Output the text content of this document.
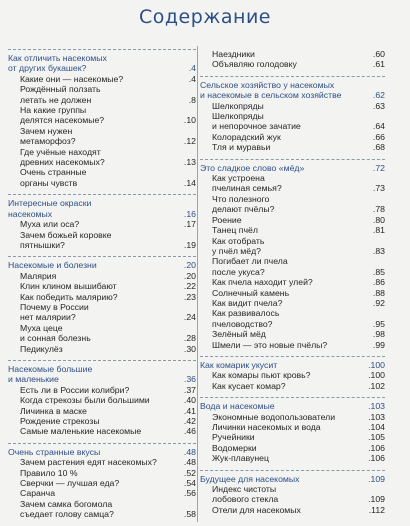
Содержание
Как отличить насекомых
от других букашек?	.4
Какие они — насекомые?	.4
Рождённый ползать
летать не должен	.8
На какие группы
делятся насекомые?	.10
Зачем нужен
метаморфоз?	.12
Где учёные находят
древних насекомых?	.13
Очень странные
органы чувств	.14
Интересные окраски
насекомых	.16
Муха или оса?	.17
Зачем божьей коровке
пятнышки?	.19
Насекомые и болезни	.20
Малярия	.20
Клин клином вышибают	.22
Как победить малярию?	.23
Почему в России
нет малярии?	.24
Муха цеце
и сонная болезнь	.28
Педикулёз	.30
Насекомые большие
и маленькие	.36
Есть ли в России колибри?	.37
Когда стрекозы были большими	.40
Личинка в маске	.41
Рождение стрекозы	.42
Самые маленькие насекомые	.46
Очень странные вкусы	.48
Зачем растения едят насекомых?	.48
Правило 10 %	.52
Сверчки — лучшая еда?	.54
Саранча	.56
Зачем самка богомола
съедает голову самца?	.58
Наездники	.60
Объявляю голодовку	.61
Сельское хозяйство у насекомых
и насекомые в сельском хозяйстве	.62
Шелкопряды	.63
Шелкопряды
и непорочное зачатие	.64
Колорадский жук	.66
Тля и муравьи	.68
Это сладкое слово «мёд»	.72
Как устроена
пчелиная семья?	.73
Что полезного
делают пчёлы?	.78
Роение	.80
Танец пчёл	.81
Как отобрать
у пчёл мёд?	.83
Погибает ли пчела
после укуса?	.85
Как пчела находит улей?	.86
Солнечный камень	.88
Как видит пчела?	.92
Как развивалось
пчеловодство?	.95
Зелёный мёд	.98
Шмели — это новые пчёлы?	.99
Как комарик укусит	.100
Как комары пьют кровь?	.100
Как кусает комар?	.102
Вода и насекомые	.103
Экономные водопользователи	.103
Личинки насекомых и вода	.104
Ручейники	.105
Водомерки	.106
Жук-плавунец	.106
Будущее для насекомых	.109
Индекс чистоты
лобового стекла	.109
Отели для насекомых	.112
